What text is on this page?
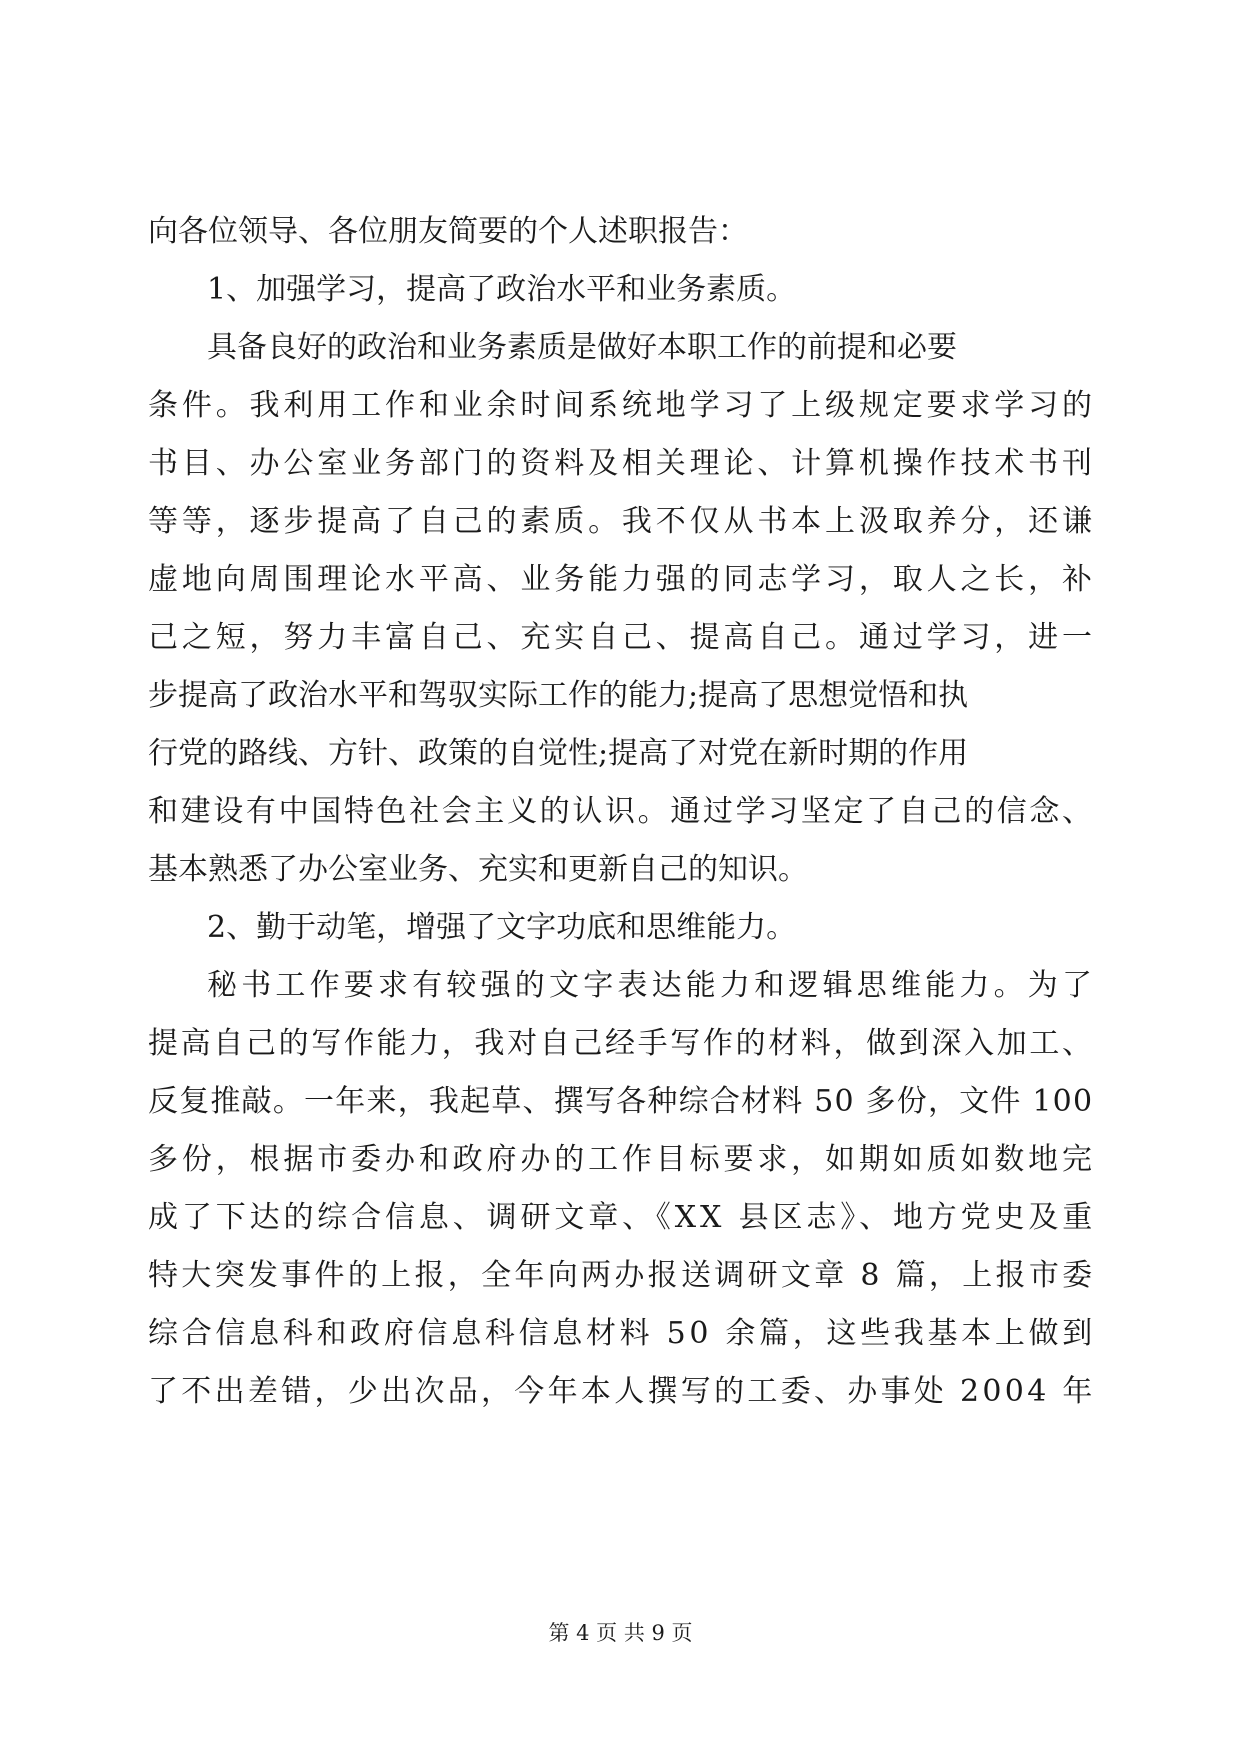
向各位领导、各位朋友简要的个人述职报告：
1、加强学习，提高了政治水平和业务素质。
具备良好的政治和业务素质是做好本职工作的前提和必要
条件。我利用工作和业余时间系统地学习了上级规定要求学习的
书目、办公室业务部门的资料及相关理论、计算机操作技术书刊
等等，逐步提高了自己的素质。我不仅从书本上汲取养分，还谦
虚地向周围理论水平高、业务能力强的同志学习，取人之长，补
己之短，努力丰富自己、充实自己、提高自己。通过学习，进一
步提高了政治水平和驾驭实际工作的能力;提高了思想觉悟和执
行党的路线、方针、政策的自觉性;提高了对党在新时期的作用
和建设有中国特色社会主义的认识。通过学习坚定了自己的信念、
基本熟悉了办公室业务、充实和更新自己的知识。
2、勤于动笔，增强了文字功底和思维能力。
秘书工作要求有较强的文字表达能力和逻辑思维能力。为了
提高自己的写作能力，我对自己经手写作的材料，做到深入加工、
反复推敲。一年来，我起草、撰写各种综合材料 50 多份，文件 100
多份，根据市委办和政府办的工作目标要求，如期如质如数地完
成了下达的综合信息、调研文章、《XX 县区志》、地方党史及重
特大突发事件的上报，全年向两办报送调研文章 8 篇，上报市委
综合信息科和政府信息科信息材料 50 余篇，这些我基本上做到
了不出差错，少出次品，今年本人撰写的工委、办事处 2004 年
第 4 页 共 9 页
